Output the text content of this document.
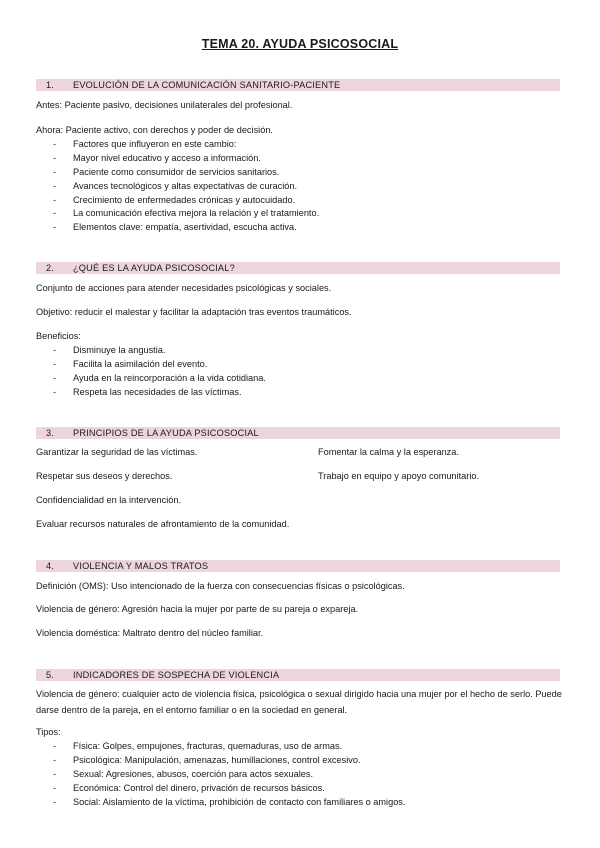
TEMA 20. AYUDA PSICOSOCIAL
1. EVOLUCIÓN DE LA COMUNICACIÓN SANITARIO-PACIENTE
Antes: Paciente pasivo, decisiones unilaterales del profesional.
Ahora: Paciente activo, con derechos y poder de decisión.
- Factores que influyeron en este cambio:
- Mayor nivel educativo y acceso a información.
- Paciente como consumidor de servicios sanitarios.
- Avances tecnológicos y altas expectativas de curación.
- Crecimiento de enfermedades crónicas y autocuidado.
- La comunicación efectiva mejora la relación y el tratamiento.
- Elementos clave: empatía, asertividad, escucha activa.
2. ¿QUÉ ES LA AYUDA PSICOSOCIAL?
Conjunto de acciones para atender necesidades psicológicas y sociales.
Objetivo: reducir el malestar y facilitar la adaptación tras eventos traumáticos.
Beneficios:
- Disminuye la angustia.
- Facilita la asimilación del evento.
- Ayuda en la reincorporación a la vida cotidiana.
- Respeta las necesidades de las víctimas.
3. PRINCIPIOS DE LA AYUDA PSICOSOCIAL
Garantizar la seguridad de las víctimas.	Fomentar la calma y la esperanza.
Respetar sus deseos y derechos.	Trabajo en equipo y apoyo comunitario.
Confidencialidad en la intervención.
Evaluar recursos naturales de afrontamiento de la comunidad.
4. VIOLENCIA Y MALOS TRATOS
Definición (OMS): Uso intencionado de la fuerza con consecuencias físicas o psicológicas.
Violencia de género: Agresión hacia la mujer por parte de su pareja o expareja.
Violencia doméstica: Maltrato dentro del núcleo familiar.
5. INDICADORES DE SOSPECHA DE VIOLENCIA
Violencia de género: cualquier acto de violencia física, psicológica o sexual dirigido hacia una mujer por el hecho de serlo. Puede darse dentro de la pareja, en el entorno familiar o en la sociedad en general.
Tipos:
- Física: Golpes, empujones, fracturas, quemaduras, uso de armas.
- Psicológica: Manipulación, amenazas, humillaciones, control excesivo.
- Sexual: Agresiones, abusos, coerción para actos sexuales.
- Económica: Control del dinero, privación de recursos básicos.
- Social: Aislamiento de la víctima, prohibición de contacto con familiares o amigos.
